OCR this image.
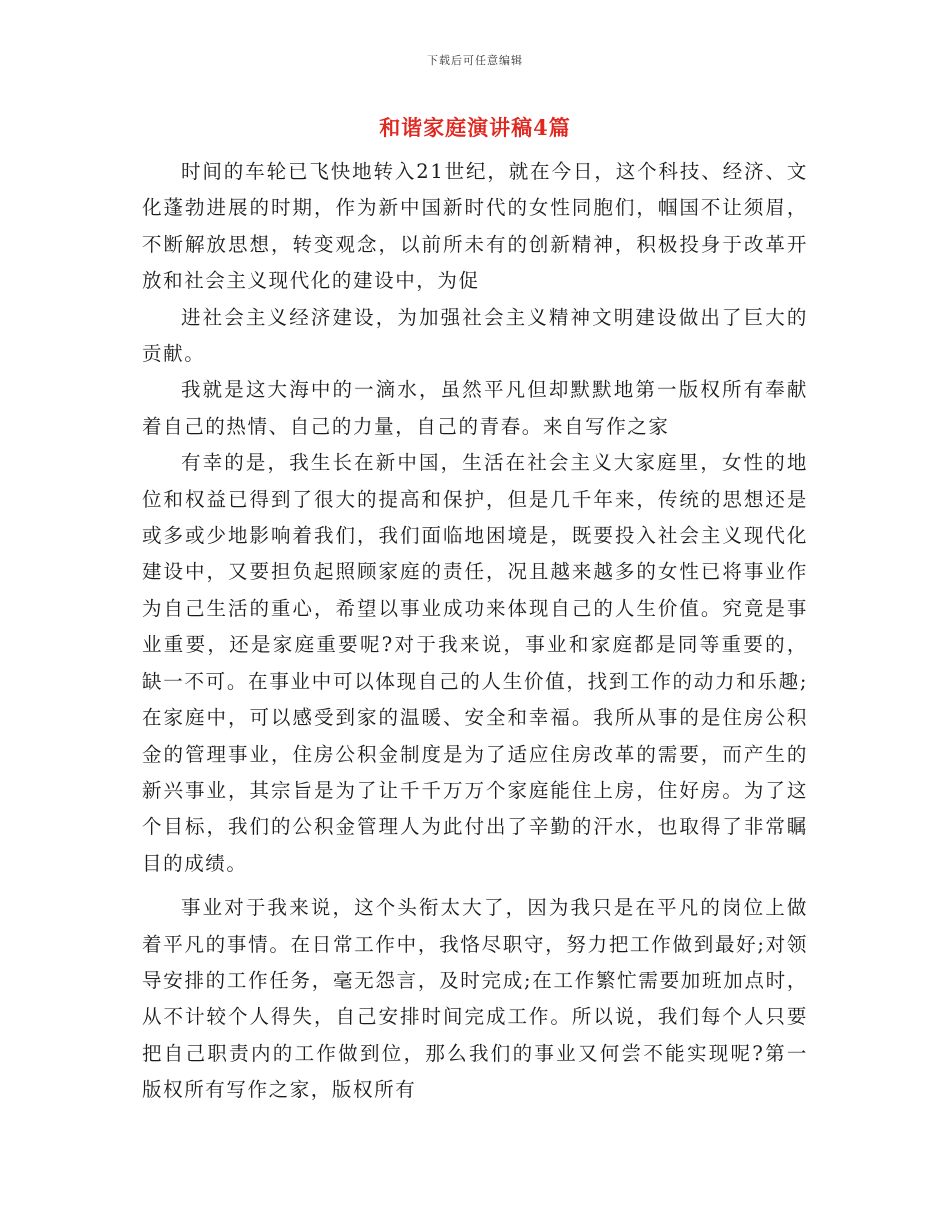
下载后可任意编辑
和谐家庭演讲稿4篇

时间的车轮已飞快地转入21世纪，就在今日，这个科技、经济、文化蓬勃进展的时期，作为新中国新时代的女性同胞们，帼国不让须眉，不断解放思想，转变观念，以前所未有的创新精神，积极投身于改革开放和社会主义现代化的建设中，为促

进社会主义经济建设，为加强社会主义精神文明建设做出了巨大的贡献。

我就是这大海中的一滴水，虽然平凡但却默默地第一版权所有奉献着自己的热情、自己的力量，自己的青春。来自写作之家

有幸的是，我生长在新中国，生活在社会主义大家庭里，女性的地位和权益已得到了很大的提高和保护，但是几千年来，传统的思想还是或多或少地影响着我们，我们面临地困境是，既要投入社会主义现代化建设中，又要担负起照顾家庭的责任，况且越来越多的女性已将事业作为自己生活的重心，希望以事业成功来体现自己的人生价值。究竟是事业重要，还是家庭重要呢?对于我来说，事业和家庭都是同等重要的，缺一不可。在事业中可以体现自己的人生价值，找到工作的动力和乐趣;在家庭中，可以感受到家的温暖、安全和幸福。我所从事的是住房公积金的管理事业，住房公积金制度是为了适应住房改革的需要，而产生的新兴事业，其宗旨是为了让千千万万个家庭能住上房，住好房。为了这个目标，我们的公积金管理人为此付出了辛勤的汗水，也取得了非常瞩目的成绩。

事业对于我来说，这个头衔太大了，因为我只是在平凡的岗位上做着平凡的事情。在日常工作中，我恪尽职守，努力把工作做到最好;对领导安排的工作任务，毫无怨言，及时完成;在工作繁忙需要加班加点时，从不计较个人得失，自己安排时间完成工作。所以说，我们每个人只要把自己职责内的工作做到位，那么我们的事业又何尝不能实现呢?第一版权所有写作之家，版权所有
